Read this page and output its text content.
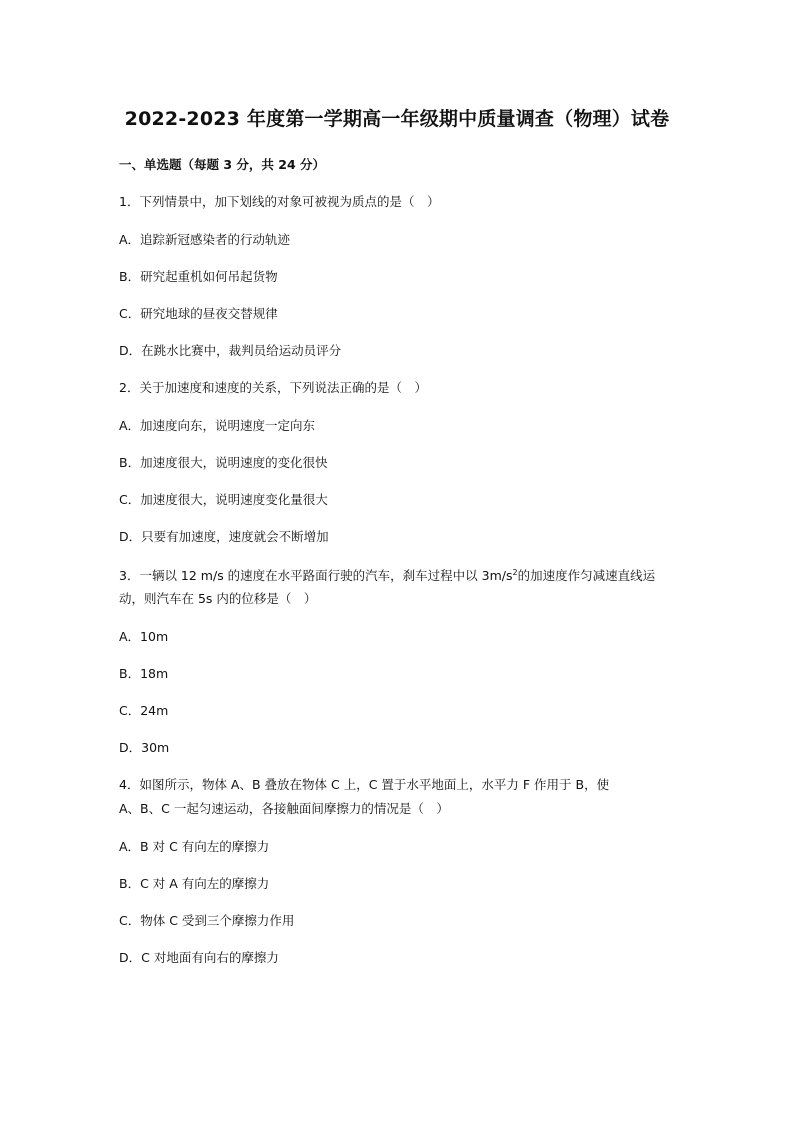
2022-2023 年度第一学期高一年级期中质量调查（物理）试卷
一、单选题（每题 3 分，共 24 分）
1．下列情景中，加下划线的对象可被视为质点的是（　）
A．追踪新冠感染者的行动轨迹
B．研究起重机如何吊起货物
C．研究地球的昼夜交替规律
D．在跳水比赛中，裁判员给运动员评分
2．关于加速度和速度的关系，下列说法正确的是（　）
A．加速度向东，说明速度一定向东
B．加速度很大，说明速度的变化很快
C．加速度很大，说明速度变化量很大
D．只要有加速度，速度就会不断增加
3．一辆以 12 m/s 的速度在水平路面行驶的汽车，刹车过程中以 $3m/s^2$的加速度作匀减速直线运
动，则汽车在 5s 内的位移是（　）
A．10m
B．18m
C．24m
D．30m
4．如图所示，物体 A、B 叠放在物体 C 上，C 置于水平地面上，水平力 F 作用于 B，使
A、B、C 一起匀速运动，各接触面间摩擦力的情况是（　）
A．B 对 C 有向左的摩擦力
B．C 对 A 有向左的摩擦力
C．物体 C 受到三个摩擦力作用
D．C 对地面有向右的摩擦力
